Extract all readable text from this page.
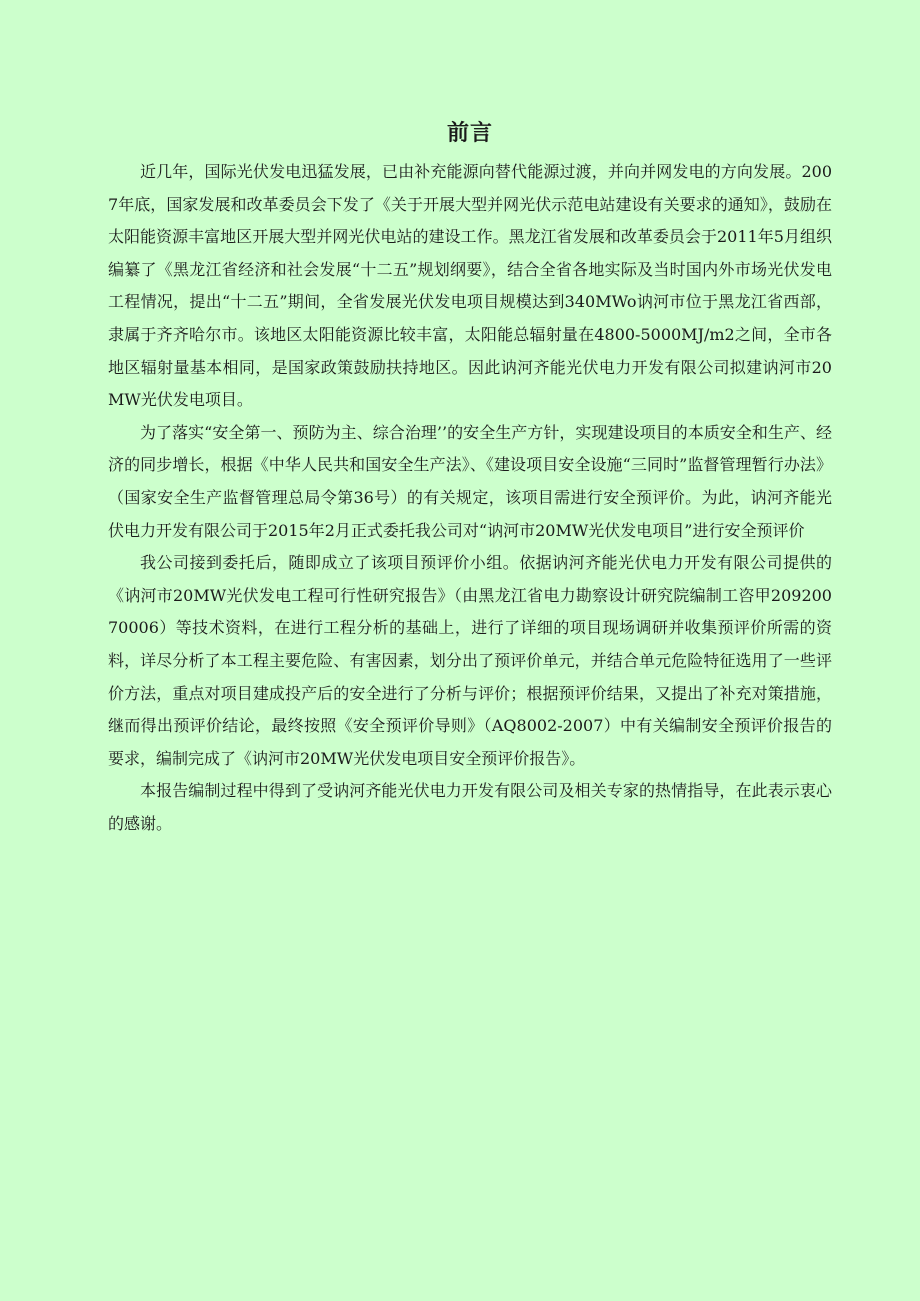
前言

近几年，国际光伏发电迅猛发展，已由补充能源向替代能源过渡，并向并网发电的方向发展。2007年底，国家发展和改革委员会下发了《关于开展大型并网光伏示范电站建设有关要求的通知》，鼓励在太阳能资源丰富地区开展大型并网光伏电站的建设工作。黑龙江省发展和改革委员会于2011年5月组织编纂了《黑龙江省经济和社会发展“十二五”规划纲要》，结合全省各地实际及当时国内外市场光伏发电工程情况，提出“十二五”期间，全省发展光伏发电项目规模达到340MWo讷河市位于黑龙江省西部，隶属于齐齐哈尔市。该地区太阳能资源比较丰富，太阳能总辐射量在4800-5000MJ/m2之间，全市各地区辐射量基本相同，是国家政策鼓励扶持地区。因此讷河齐能光伏电力开发有限公司拟建讷河市20MW光伏发电项目。

为了落实“安全第一、预防为主、综合治理’’的安全生产方针，实现建设项目的本质安全和生产、经济的同步增长，根据《中华人民共和国安全生产法》、《建设项目安全设施“三同时”监督管理暂行办法》（国家安全生产监督管理总局令第36号）的有关规定，该项目需进行安全预评价。为此，讷河齐能光伏电力开发有限公司于2015年2月正式委托我公司对“讷河市20MW光伏发电项目”进行安全预评价

我公司接到委托后，随即成立了该项目预评价小组。依据讷河齐能光伏电力开发有限公司提供的《讷河市20MW光伏发电工程可行性研究报告》（由黑龙江省电力勘察设计研究院编制工咨甲20920070006）等技术资料，在进行工程分析的基础上，进行了详细的项目现场调研并收集预评价所需的资料，详尽分析了本工程主要危险、有害因素，划分出了预评价单元，并结合单元危险特征选用了一些评价方法，重点对项目建成投产后的安全进行了分析与评价；根据预评价结果，又提出了补充对策措施，继而得出预评价结论，最终按照《安全预评价导则》（AQ8002-2007）中有关编制安全预评价报告的要求，编制完成了《讷河市20MW光伏发电项目安全预评价报告》。

本报告编制过程中得到了受讷河齐能光伏电力开发有限公司及相关专家的热情指导，在此表示衷心的感谢。
